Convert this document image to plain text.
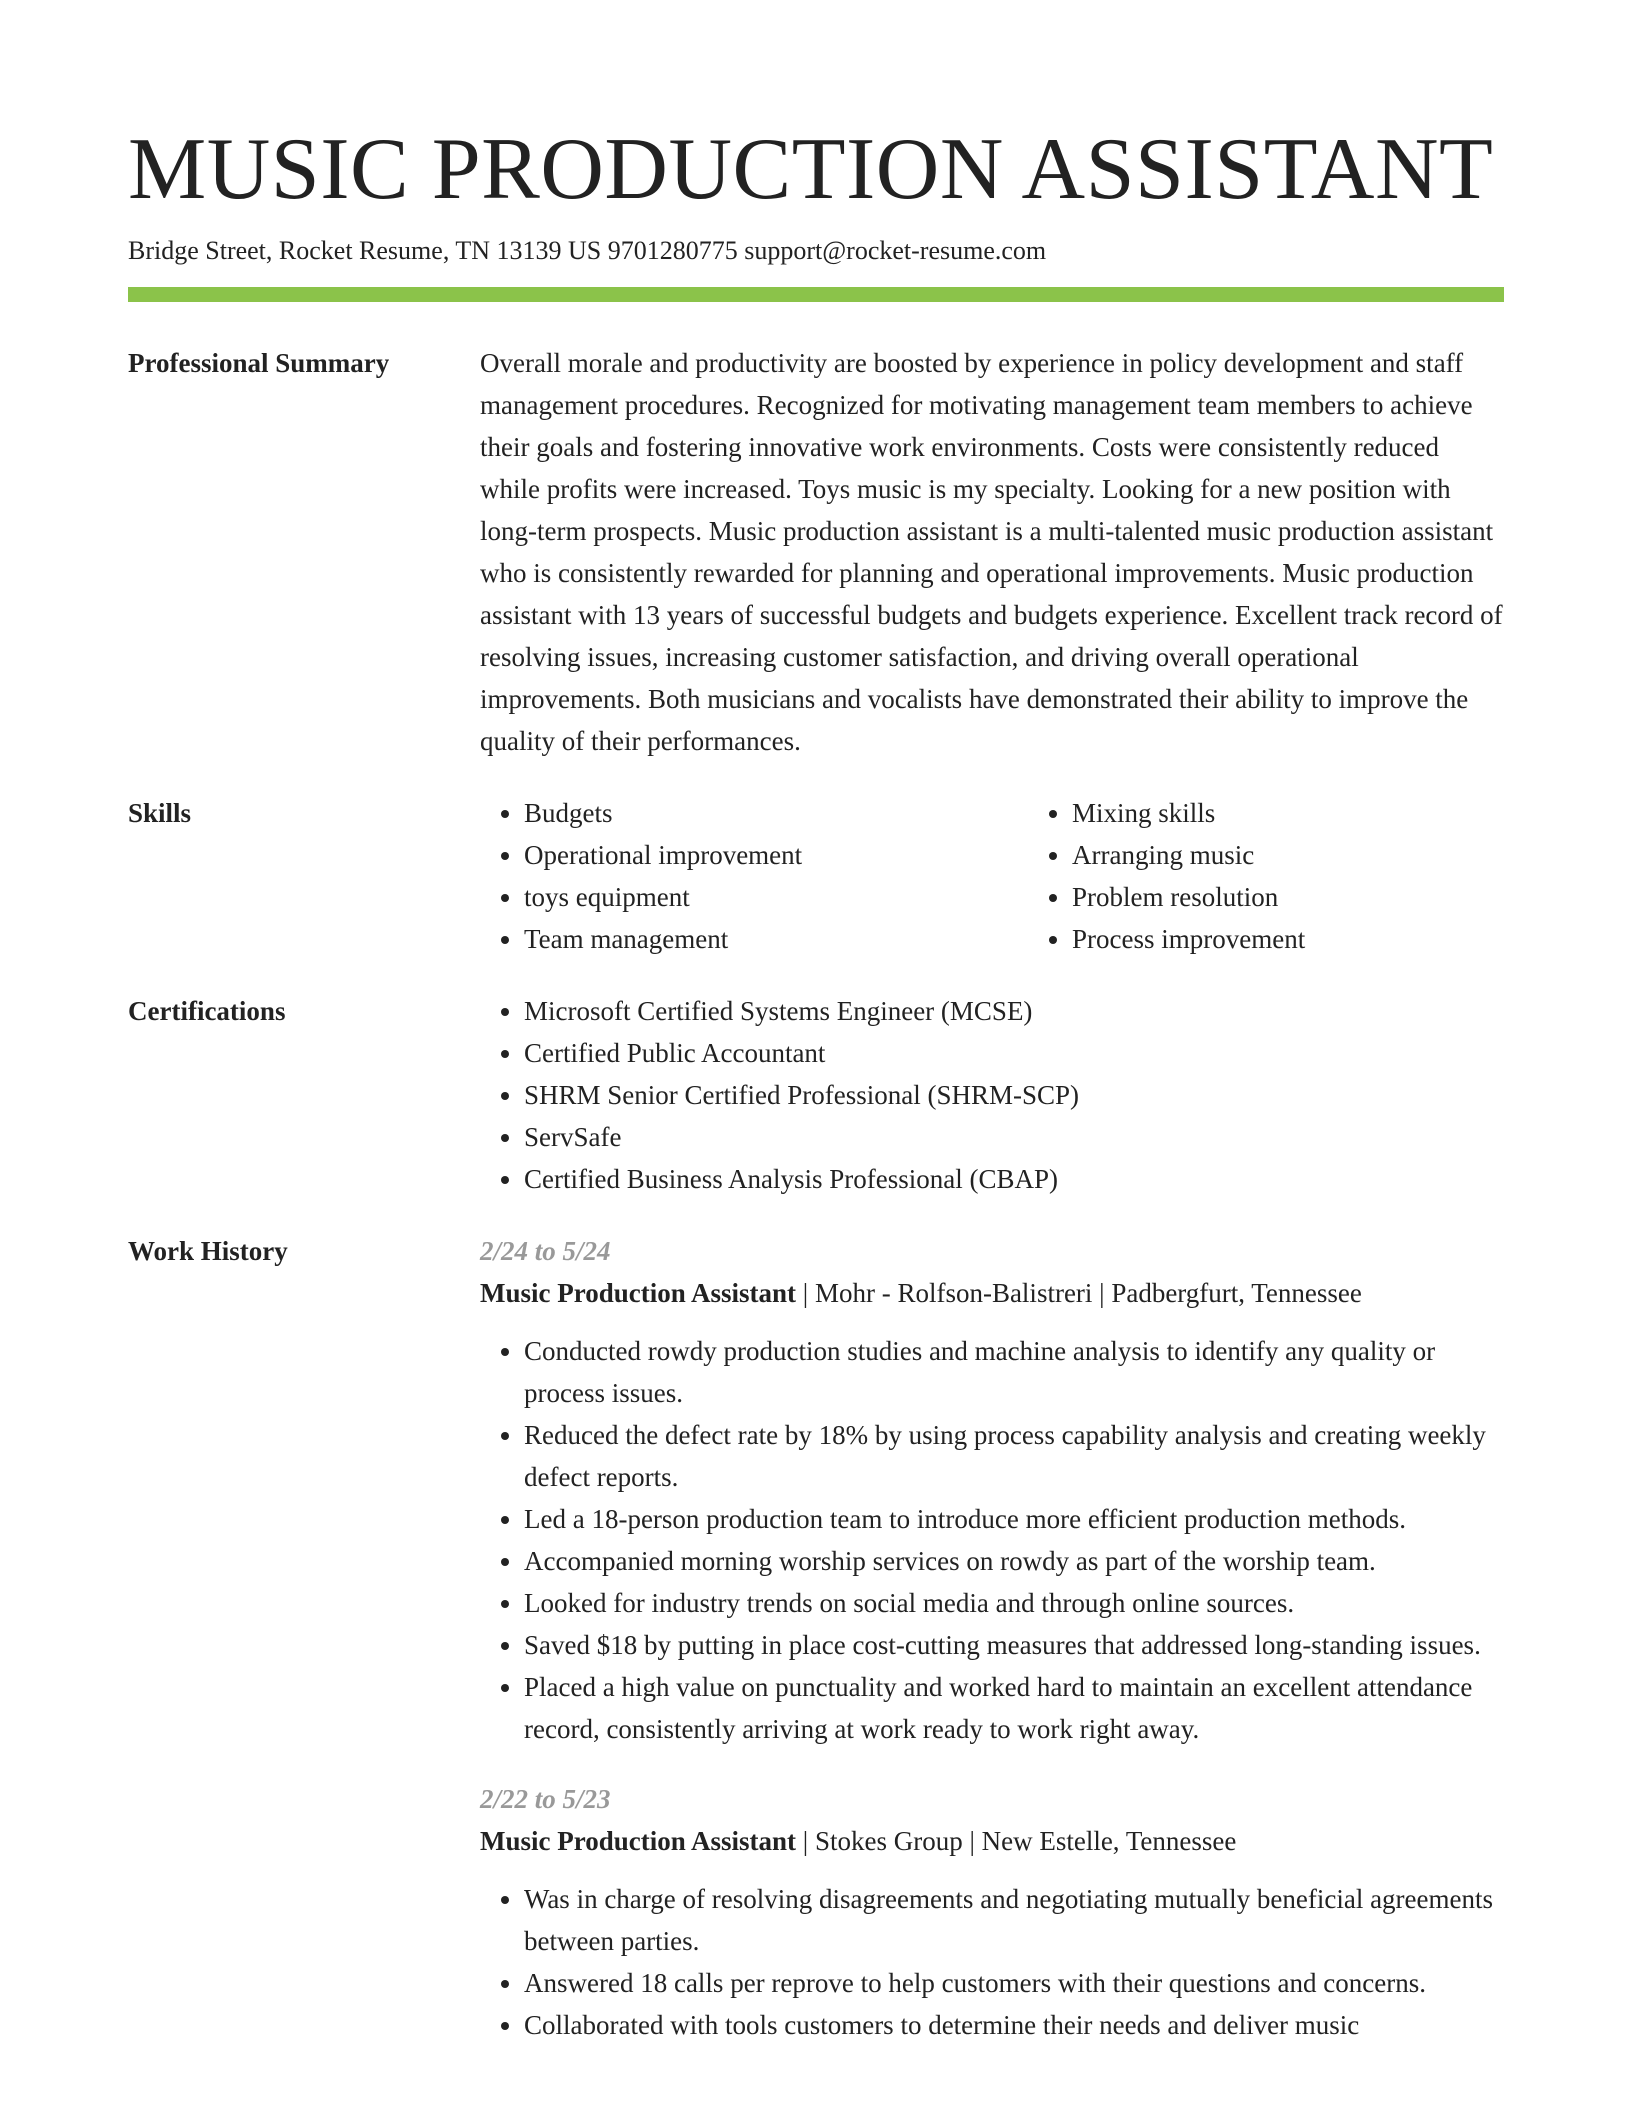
MUSIC PRODUCTION ASSISTANT
Bridge Street, Rocket Resume, TN 13139 US 9701280775 support@rocket-resume.com
Professional Summary	Overall morale and productivity are boosted by experience in policy development and staff management procedures. Recognized for motivating management team members to achieve their goals and fostering innovative work environments. Costs were consistently reduced while profits were increased. Toys music is my specialty. Looking for a new position with long-term prospects. Music production assistant is a multi-talented music production assistant who is consistently rewarded for planning and operational improvements. Music production assistant with 13 years of successful budgets and budgets experience. Excellent track record of resolving issues, increasing customer satisfaction, and driving overall operational improvements. Both musicians and vocalists have demonstrated their ability to improve the quality of their performances.

Skills	• Budgets
• Operational improvement
• toys equipment
• Team management
• Mixing skills
• Arranging music
• Problem resolution
• Process improvement
Certifications	• Microsoft Certified Systems Engineer (MCSE)
• Certified Public Accountant
• SHRM Senior Certified Professional (SHRM-SCP)
• ServSafe
• Certified Business Analysis Professional (CBAP)
Work History	2/24 to 5/24
Music Production Assistant | Mohr - Rolfson-Balistreri | Padbergfurt, Tennessee
• Conducted rowdy production studies and machine analysis to identify any quality or process issues.
• Reduced the defect rate by 18% by using process capability analysis and creating weekly defect reports.
• Led a 18-person production team to introduce more efficient production methods.
• Accompanied morning worship services on rowdy as part of the worship team.
• Looked for industry trends on social media and through online sources.
• Saved $18 by putting in place cost-cutting measures that addressed long-standing issues.
• Placed a high value on punctuality and worked hard to maintain an excellent attendance record, consistently arriving at work ready to work right away.
2/22 to 5/23
Music Production Assistant | Stokes Group | New Estelle, Tennessee
• Was in charge of resolving disagreements and negotiating mutually beneficial agreements between parties.
• Answered 18 calls per reprove to help customers with their questions and concerns.
• Collaborated with tools customers to determine their needs and deliver music
